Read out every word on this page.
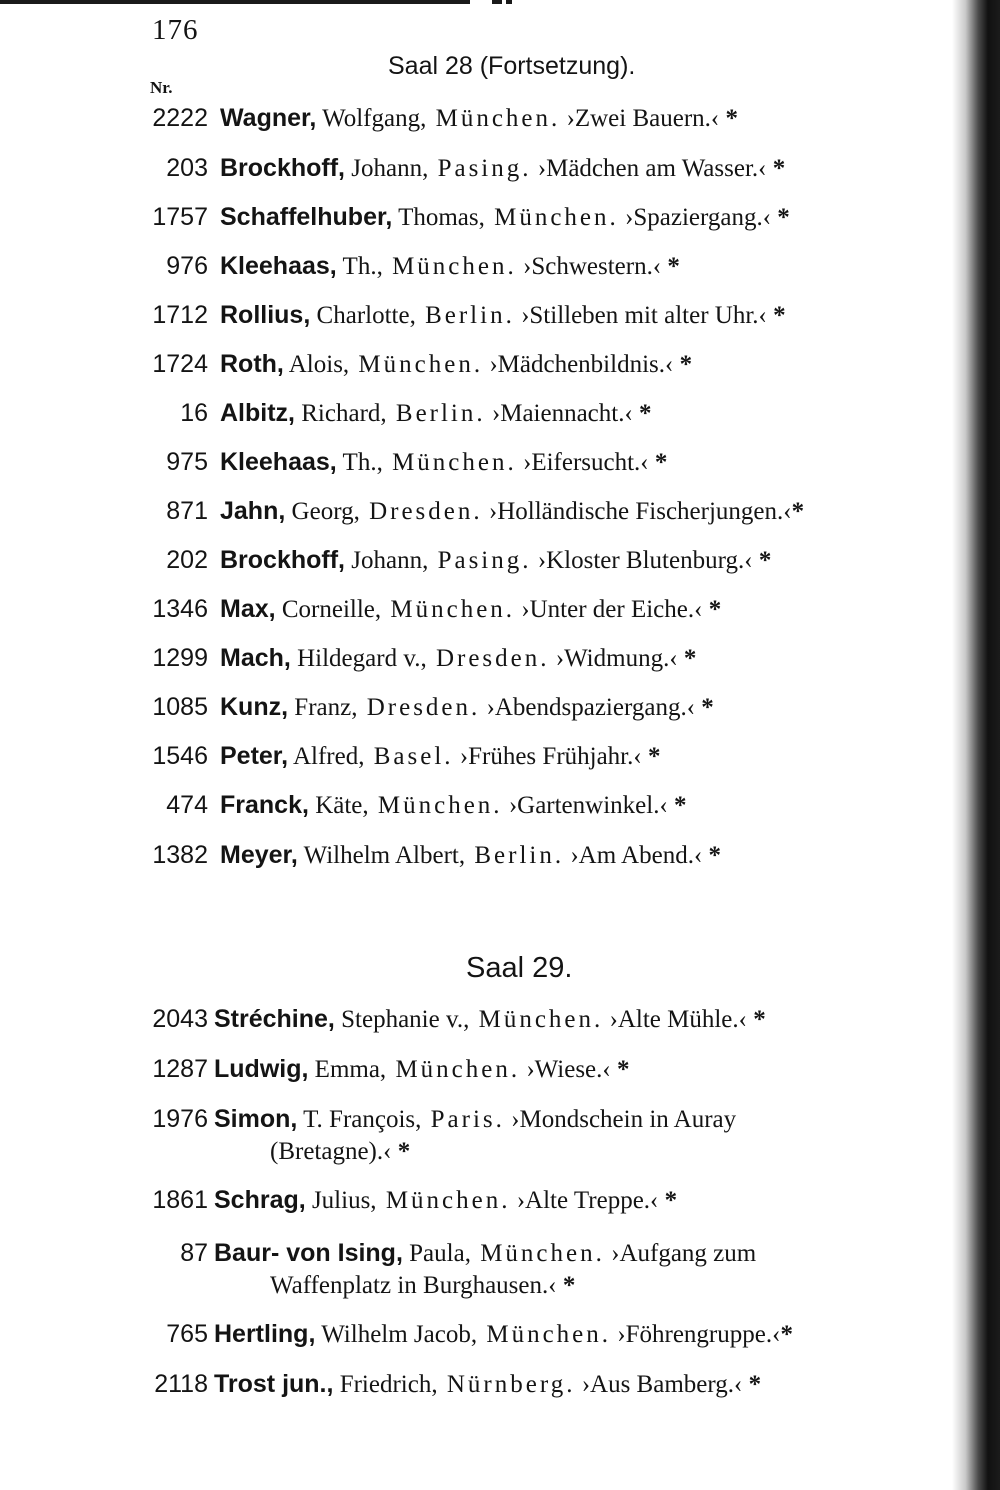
176
Nr.
Saal 28 (Fortsetzung).
Saal 29.
2222 Wagner, Wolfgang, München. ›Zwei Bauern.‹ *
203 Brockhoff, Johann, Pasing. ›Mädchen am Wasser.‹ *
1757 Schaffelhuber, Thomas, München. ›Spaziergang.‹ *
976 Kleehaas, Th., München. ›Schwestern.‹ *
1712 Rollius, Charlotte, Berlin. ›Stilleben mit alter Uhr.‹ *
1724 Roth, Alois, München. ›Mädchenbildnis.‹ *
16 Albitz, Richard, Berlin. ›Maiennacht.‹ *
975 Kleehaas, Th., München. ›Eifersucht.‹ *
871 Jahn, Georg, Dresden. ›Holländische Fischerjungen.‹*
202 Brockhoff, Johann, Pasing. ›Kloster Blutenburg.‹ *
1346 Max, Corneille, München. ›Unter der Eiche.‹ *
1299 Mach, Hildegard v., Dresden. ›Widmung.‹ *
1085 Kunz, Franz, Dresden. ›Abendspaziergang.‹ *
1546 Peter, Alfred, Basel. ›Frühes Frühjahr.‹ *
474 Franck, Käte, München. ›Gartenwinkel.‹ *
1382 Meyer, Wilhelm Albert, Berlin. ›Am Abend.‹ *
2043 Stréchine, Stephanie v., München. ›Alte Mühle.‹ *
1287 Ludwig, Emma, München. ›Wiese.‹ *
1976 Simon, T. François, Paris. ›Mondschein in Auray
(Bretagne).‹ *
1861 Schrag, Julius, München. ›Alte Treppe.‹ *
87 Baur- von Ising, Paula, München. ›Aufgang zum
Waffenplatz in Burghausen.‹ *
765 Hertling, Wilhelm Jacob, München. ›Föhrengruppe.‹*
2118 Trost jun., Friedrich, Nürnberg. ›Aus Bamberg.‹ *
